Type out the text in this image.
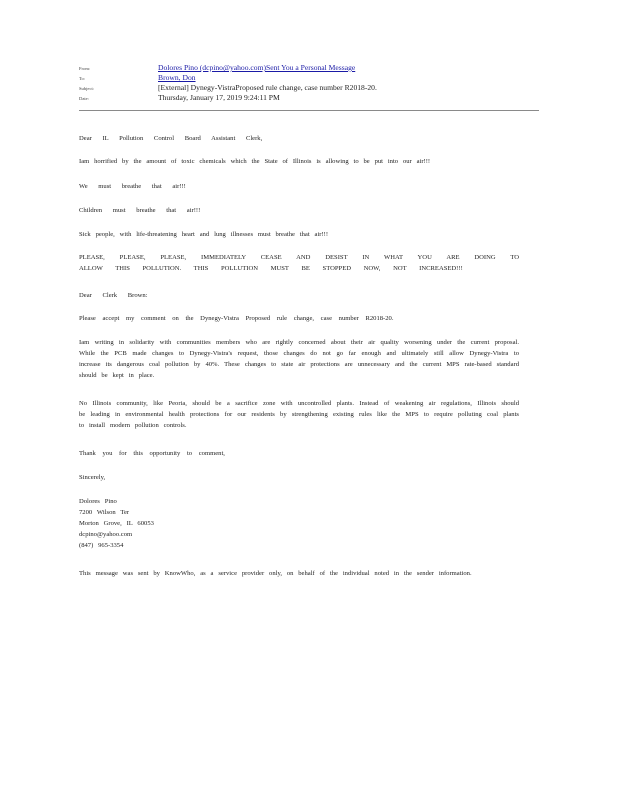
From:	Dolores Pino (dcpino@yahoo.com)Sent You a Personal Message
To:	Brown, Don
Subject:	[External] Dynegy-VistraProposed rule change, case number R2018-20.
Date:	Thursday, January 17, 2019 9:24:11 PM
Dear IL Pollution Control Board Assistant Clerk,
Iam horrified by the amount of toxic chemicals which the State of Illinois is allowing to be put into our air!!!
We must breathe that air!!!
Children must breathe that air!!!
Sick people, with life-threatening heart and lung illnesses must breathe that air!!!
PLEASE, PLEASE, PLEASE, IMMEDIATELY CEASE AND DESIST IN WHAT YOU ARE DOING TO ALLOW THIS POLLUTION. THIS POLLUTION MUST BE STOPPED NOW, NOT INCREASED!!!
Dear Clerk Brown:
Please accept my comment on the Dynegy-Vistra Proposed rule change, case number R2018-20.
Iam writing in solidarity with communities members who are rightly concerned about their air quality worsening under the current proposal. While the PCB made changes to Dynegy-Vistra's request, those changes do not go far enough and ultimately still allow Dynegy-Vistra to increase its dangerous coal pollution by 40%. These changes to state air protections are unnecessary and the current MPS rate-based standard should be kept in place.
No Illinois community, like Peoria, should be a sacrifice zone with uncontrolled plants. Instead of weakening air regulations, Illinois should be leading in environmental health protections for our residents by strengthening existing rules like the MPS to require polluting coal plants to install modern pollution controls.
Thank you for this opportunity to comment,
Sincerely,
Dolores Pino
7200 Wilson Ter
Morton Grove, IL 60053
dcpino@yahoo.com
(847) 965-3354
This message was sent by KnowWho, as a service provider only, on behalf of the individual noted in the sender information.
